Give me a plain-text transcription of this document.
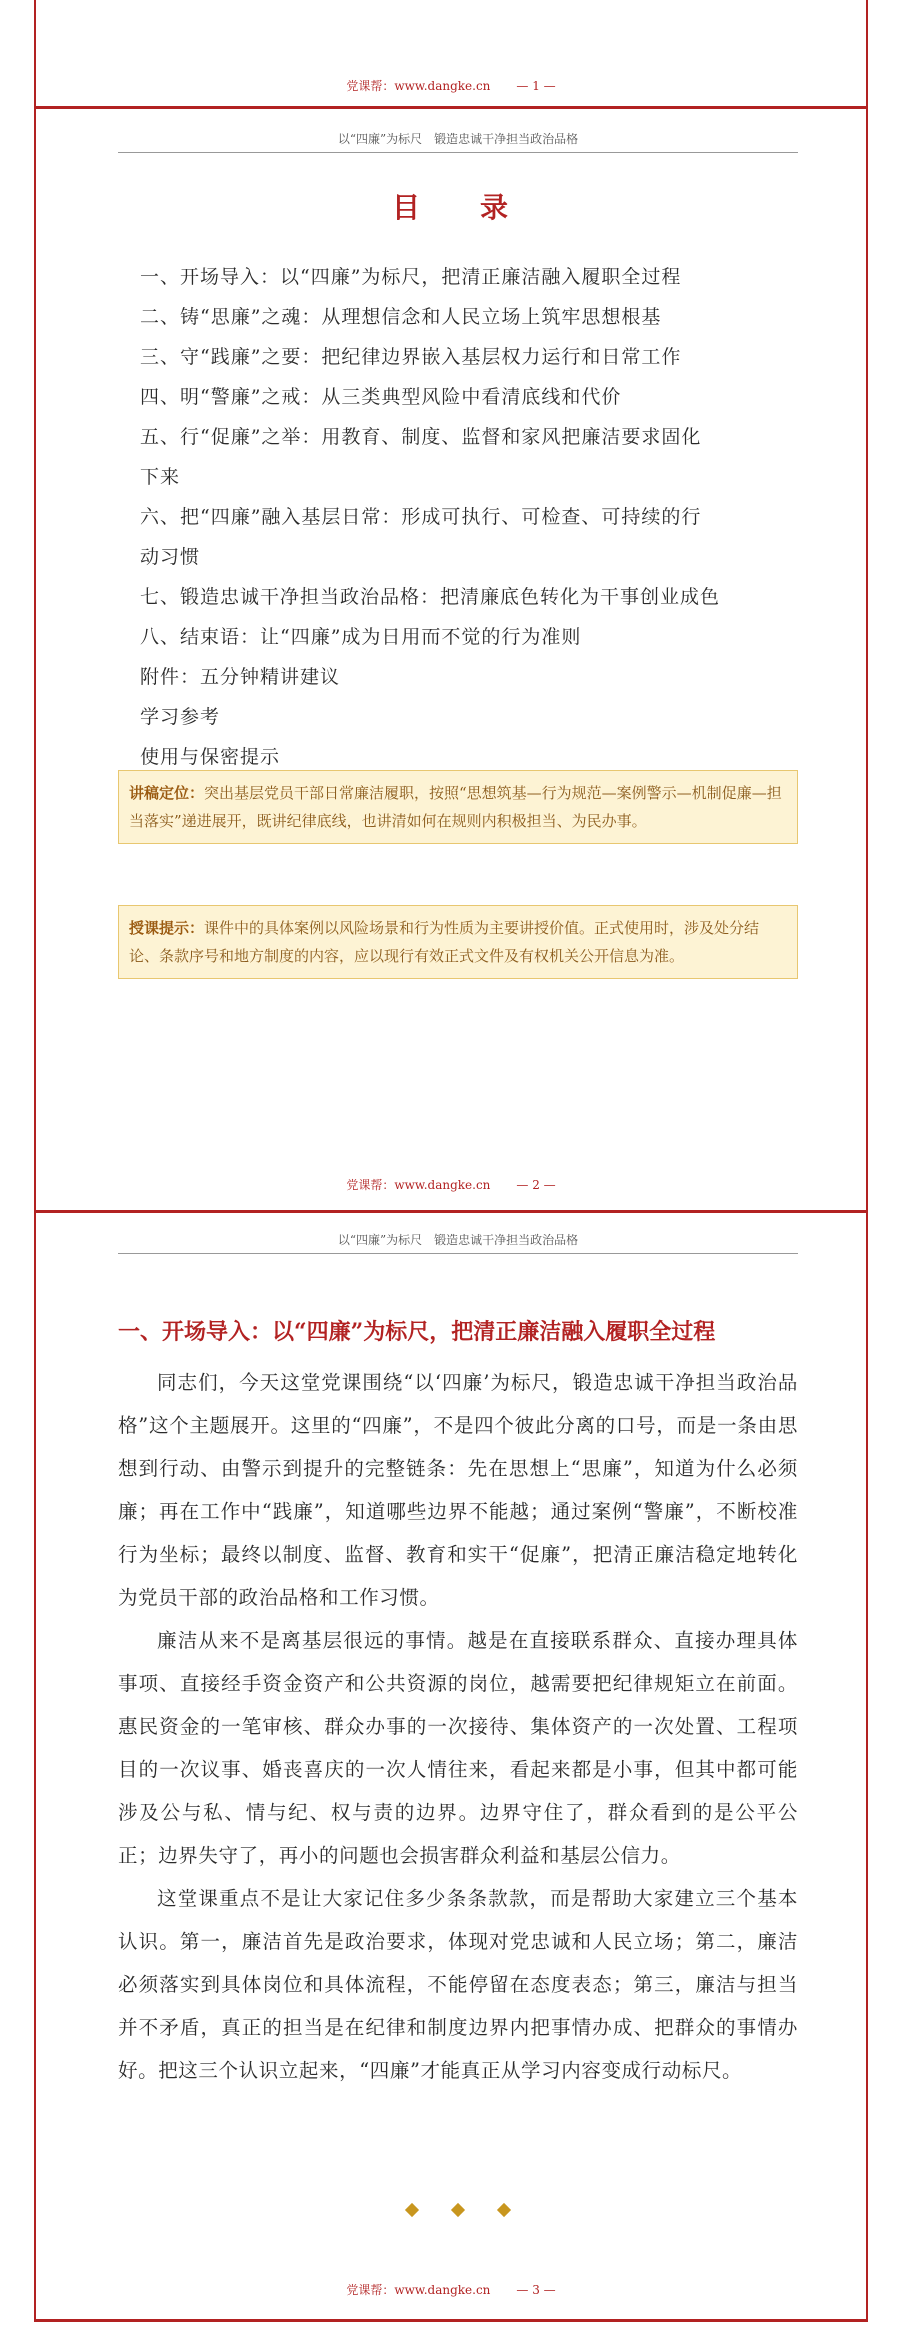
党课帮：www.dangke.cn — 1 —
以“四廉”为标尺　锻造忠诚干净担当政治品格
目　录
一、开场导入：以“四廉”为标尺，把清正廉洁融入履职全过程
二、铸“思廉”之魂：从理想信念和人民立场上筑牢思想根基
三、守“践廉”之要：把纪律边界嵌入基层权力运行和日常工作
四、明“警廉”之戒：从三类典型风险中看清底线和代价
五、行“促廉”之举：用教育、制度、监督和家风把廉洁要求固化
下来
六、把“四廉”融入基层日常：形成可执行、可检查、可持续的行
动习惯
七、锻造忠诚干净担当政治品格：把清廉底色转化为干事创业成色
八、结束语：让“四廉”成为日用而不觉的行为准则
附件：五分钟精讲建议
学习参考
使用与保密提示
讲稿定位：突出基层党员干部日常廉洁履职，按照“思想筑基—行为规范—案例警示—机制促廉—担当落实”递进展开，既讲纪律底线，也讲清如何在规则内积极担当、为民办事。
授课提示：课件中的具体案例以风险场景和行为性质为主要讲授价值。正式使用时，涉及处分结论、条款序号和地方制度的内容，应以现行有效正式文件及有权机关公开信息为准。
党课帮：www.dangke.cn — 2 —
以“四廉”为标尺　锻造忠诚干净担当政治品格
一、开场导入：以“四廉”为标尺，把清正廉洁融入履职全过程

同志们，今天这堂党课围绕“以‘四廉’为标尺，锻造忠诚干净担当政治品格”这个主题展开。这里的“四廉”，不是四个彼此分离的口号，而是一条由思想到行动、由警示到提升的完整链条：先在思想上“思廉”，知道为什么必须廉；再在工作中“践廉”，知道哪些边界不能越；通过案例“警廉”，不断校准行为坐标；最终以制度、监督、教育和实干“促廉”，把清正廉洁稳定地转化为党员干部的政治品格和工作习惯。

廉洁从来不是离基层很远的事情。越是在直接联系群众、直接办理具体事项、直接经手资金资产和公共资源的岗位，越需要把纪律规矩立在前面。惠民资金的一笔审核、群众办事的一次接待、集体资产的一次处置、工程项目的一次议事、婚丧喜庆的一次人情往来，看起来都是小事，但其中都可能涉及公与私、情与纪、权与责的边界。边界守住了，群众看到的是公平公正；边界失守了，再小的问题也会损害群众利益和基层公信力。

这堂课重点不是让大家记住多少条条款款，而是帮助大家建立三个基本认识。第一，廉洁首先是政治要求，体现对党忠诚和人民立场；第二，廉洁必须落实到具体岗位和具体流程，不能停留在态度表态；第三，廉洁与担当并不矛盾，真正的担当是在纪律和制度边界内把事情办成、把群众的事情办好。把这三个认识立起来，“四廉”才能真正从学习内容变成行动标尺。

党课帮：www.dangke.cn — 3 —
